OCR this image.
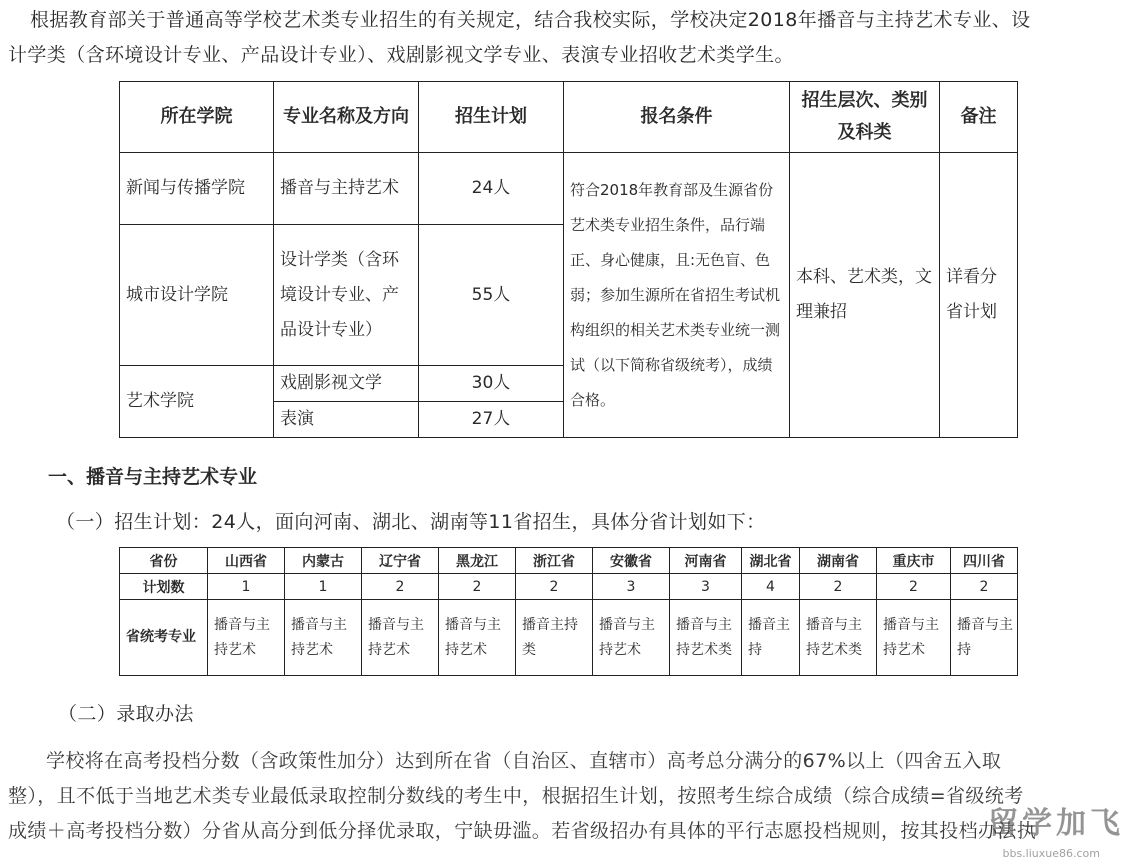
根据教育部关于普通高等学校艺术类专业招生的有关规定，结合我校实际，学校决定2018年播音与主持艺术专业、设
计学类（含环境设计专业、产品设计专业）、戏剧影视文学专业、表演专业招收艺术类学生。
所在学院	专业名称及方向	招生计划	报名条件	招生层次、类别及科类	备注
新闻与传播学院	播音与主持艺术	24人	符合2018年教育部及生源省份艺术类专业招生条件，品行端正、身心健康，且:无色盲、色弱；参加生源所在省招生考试机构组织的相关艺术类专业统一测试（以下简称省级统考），成绩合格。	本科、艺术类，文理兼招	详看分省计划
城市设计学院	设计学类（含环境设计专业、产品设计专业）	55人			
艺术学院	戏剧影视文学	30人			
	表演	27人			
一、播音与主持艺术专业
（一）招生计划：24人，面向河南、湖北、湖南等11省招生，具体分省计划如下：
省份	山西省	内蒙古	辽宁省	黑龙江	浙江省	安徽省	河南省	湖北省	湖南省	重庆市	四川省
计划数	1	1	2	2	2	3	3	4	2	2	2
省统考专业	播音与主持艺术	播音与主持艺术	播音与主持艺术	播音与主持艺术	播音主持类	播音与主持艺术	播音与主持艺术类	播音主持	播音与主持艺术类	播音与主持艺术	播音与主持
（二）录取办法
学校将在高考投档分数（含政策性加分）达到所在省（自治区、直辖市）高考总分满分的67%以上（四舍五入取
整），且不低于当地艺术类专业最低录取控制分数线的考生中，根据招生计划，按照考生综合成绩（综合成绩=省级统考
成绩＋高考投档分数）分省从高分到低分择优录取，宁缺毋滥。若省级招办有具体的平行志愿投档规则，按其投档办法执
留学加飞
bbs.liuxue86.com
